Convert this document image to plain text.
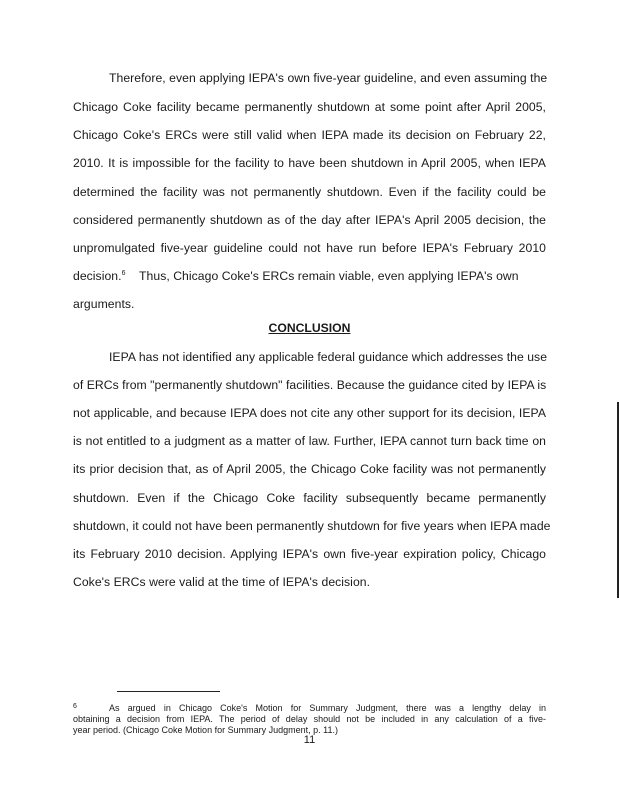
Therefore, even applying IEPA's own five-year guideline, and even assuming the
Chicago Coke facility became permanently shutdown at some point after April 2005,
Chicago Coke's ERCs were still valid when IEPA made its decision on February 22,
2010. It is impossible for the facility to have been shutdown in April 2005, when IEPA
determined the facility was not permanently shutdown. Even if the facility could be
considered permanently shutdown as of the day after IEPA's April 2005 decision, the
unpromulgated five-year guideline could not have run before IEPA's February 2010
decision.$^6$    Thus, Chicago Coke's ERCs remain viable, even applying IEPA's own
arguments.
CONCLUSION
IEPA has not identified any applicable federal guidance which addresses the use
of ERCs from "permanently shutdown" facilities. Because the guidance cited by IEPA is
not applicable, and because IEPA does not cite any other support for its decision, IEPA
is not entitled to a judgment as a matter of law. Further, IEPA cannot turn back time on
its prior decision that, as of April 2005, the Chicago Coke facility was not permanently
shutdown. Even if the Chicago Coke facility subsequently became permanently
shutdown, it could not have been permanently shutdown for five years when IEPA made
its February 2010 decision. Applying IEPA's own five-year expiration policy, Chicago
Coke's ERCs were valid at the time of IEPA's decision.
6	As argued in Chicago Coke's Motion for Summary Judgment, there was a lengthy delay in
obtaining a decision from IEPA. The period of delay should not be included in any calculation of a five-
year period. (Chicago Coke Motion for Summary Judgment, p. 11.)
11
